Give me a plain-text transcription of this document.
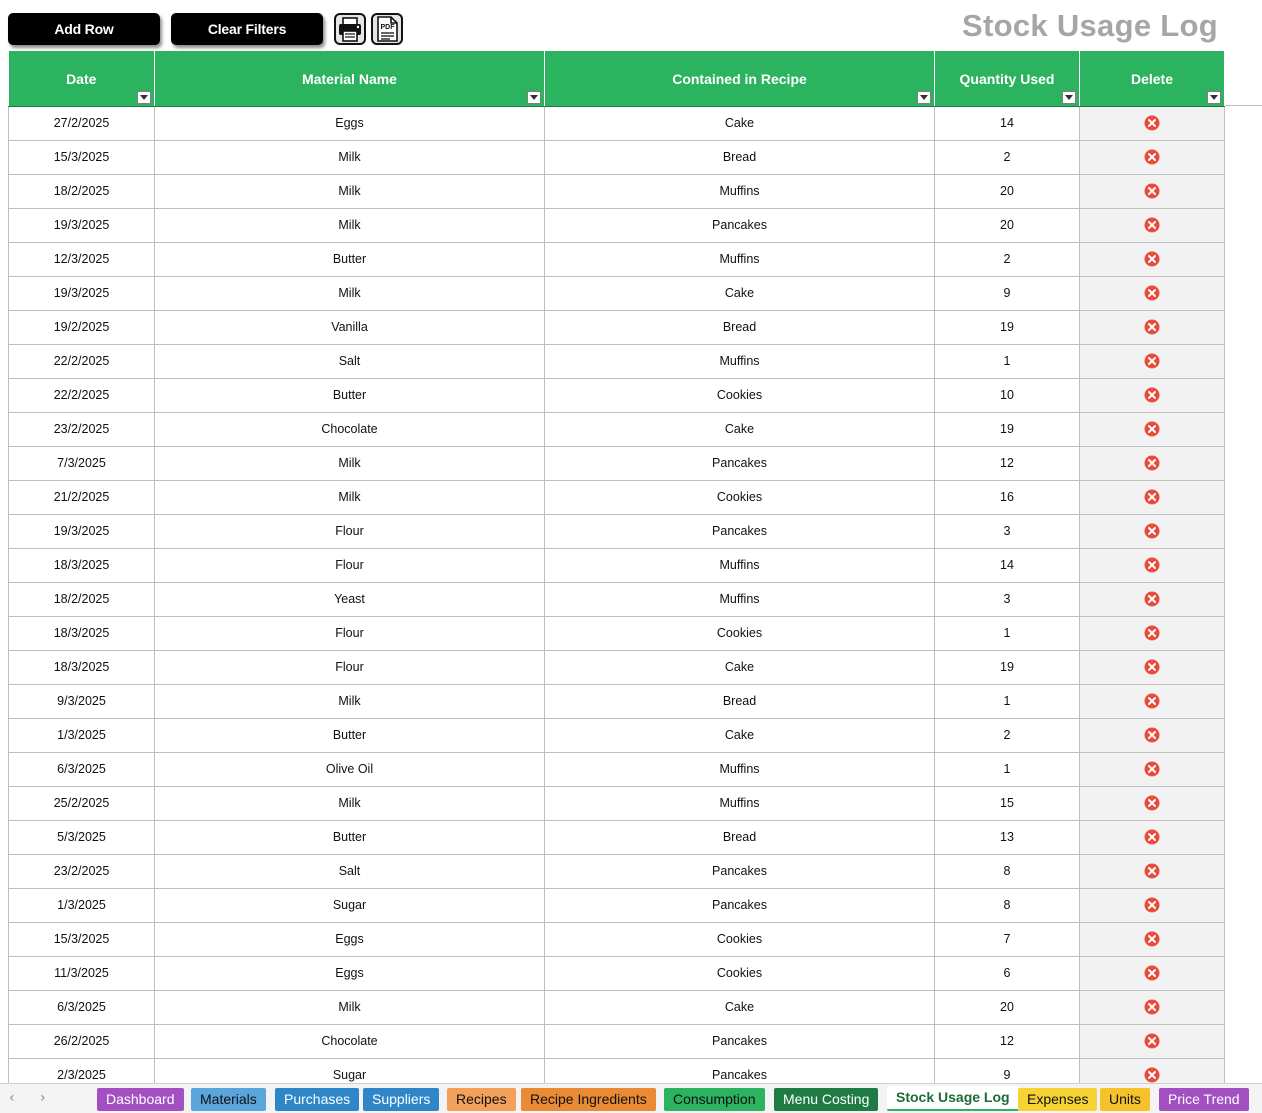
Add Row	Clear Filters	PDF	Stock Usage Log
Date	Material Name	Contained in Recipe	Quantity Used	Delete

27/2/2025	Eggs	Cake	14	
15/3/2025	Milk	Bread	2	
18/2/2025	Milk	Muffins	20	
19/3/2025	Milk	Pancakes	20	
12/3/2025	Butter	Muffins	2	
19/3/2025	Milk	Cake	9	
19/2/2025	Vanilla	Bread	19	
22/2/2025	Salt	Muffins	1	
22/2/2025	Butter	Cookies	10	
23/2/2025	Chocolate	Cake	19	
7/3/2025	Milk	Pancakes	12	
21/2/2025	Milk	Cookies	16	
19/3/2025	Flour	Pancakes	3	
18/3/2025	Flour	Muffins	14	
18/2/2025	Yeast	Muffins	3	
18/3/2025	Flour	Cookies	1	
18/3/2025	Flour	Cake	19	
9/3/2025	Milk	Bread	1	
1/3/2025	Butter	Cake	2	
6/3/2025	Olive Oil	Muffins	1	
25/2/2025	Milk	Muffins	15	
5/3/2025	Butter	Bread	13	
23/2/2025	Salt	Pancakes	8	
1/3/2025	Sugar	Pancakes	8	
15/3/2025	Eggs	Cookies	7	
11/3/2025	Eggs	Cookies	6	
6/3/2025	Milk	Cake	20	
26/2/2025	Chocolate	Pancakes	12	
2/3/2025	Sugar	Pancakes	9	
‹ ›	Dashboard	Materials	Purchases	Suppliers	Recipes	Recipe Ingredients	Consumption	Menu Costing	Stock Usage Log	Expenses	Units	Price Trend
